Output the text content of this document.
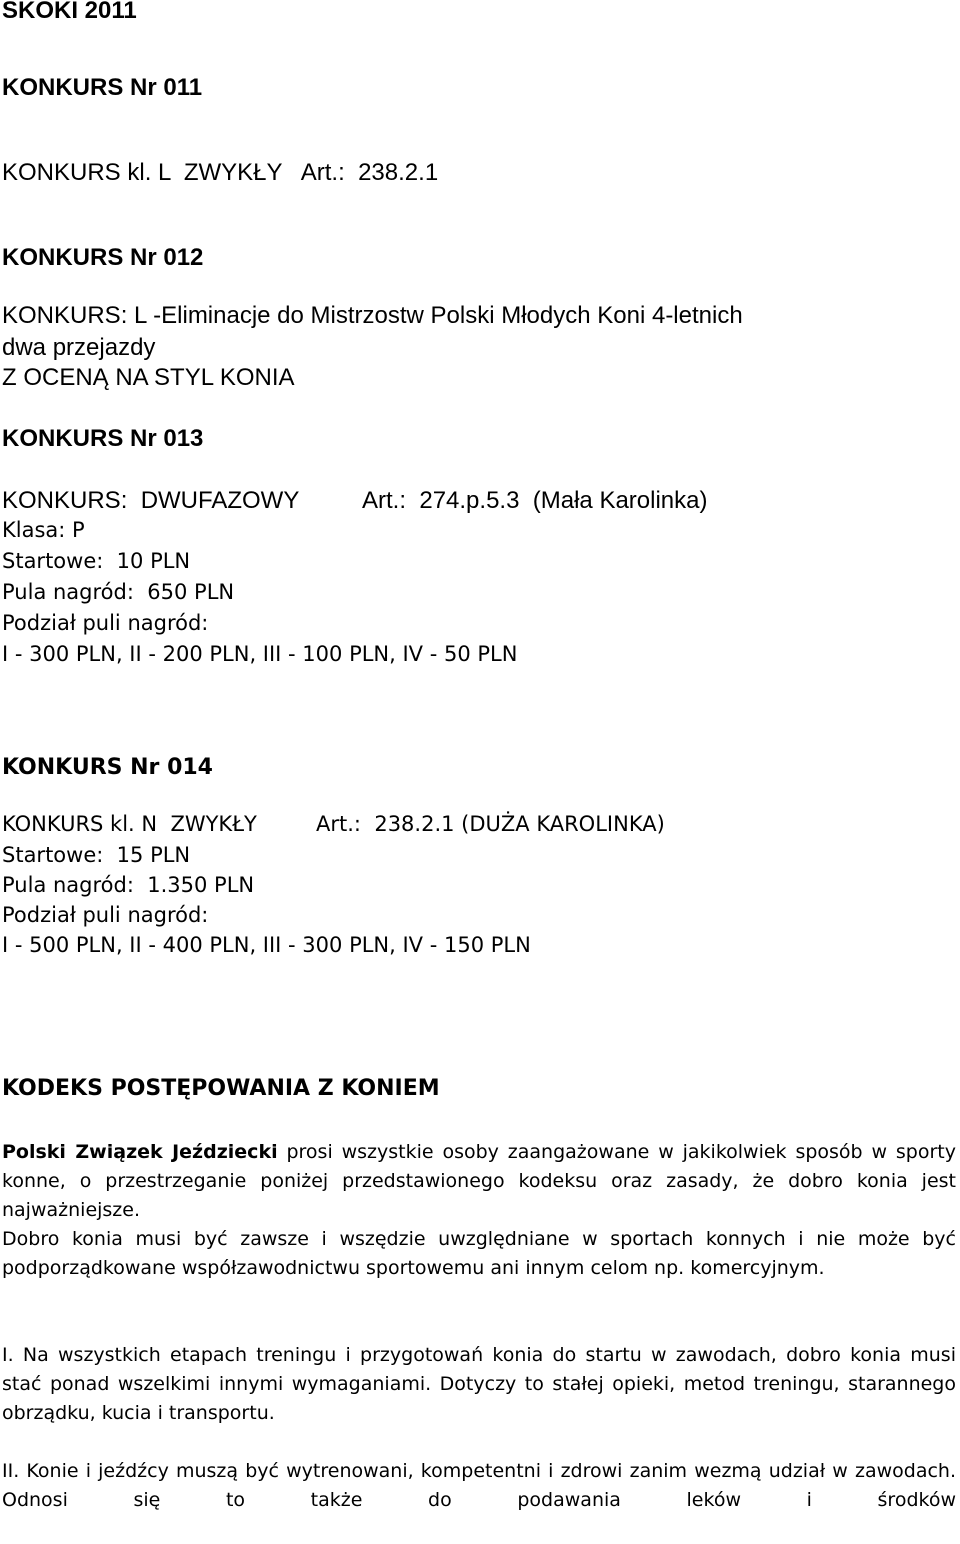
SKOKI 2011
KONKURS Nr 011
KONKURS kl. L  ZWYKŁY   Art.:  238.2.1
KONKURS Nr 012
KONKURS: L -Eliminacje do Mistrzostw Polski Młodych Koni 4-letnich
dwa przejazdy
Z OCENĄ NA STYL KONIA
KONKURS Nr 013
KONKURS:  DWUFAZOWY	Art.:  274.p.5.3  (Mała Karolinka)
Klasa: P
Startowe:  10 PLN
Pula nagród:  650 PLN
Podział puli nagród:
I - 300 PLN, II - 200 PLN, III - 100 PLN, IV - 50 PLN
KONKURS Nr 014
KONKURS kl. N  ZWYKŁY	Art.:  238.2.1 (DUŻA KAROLINKA)
Startowe:  15 PLN
Pula nagród:  1.350 PLN
Podział puli nagród:
I - 500 PLN, II - 400 PLN, III - 300 PLN, IV - 150 PLN
KODEKS POSTĘPOWANIA Z KONIEM

Polski Związek Jeździecki prosi wszystkie osoby zaangażowane w jakikolwiek sposób w sporty konne, o przestrzeganie poniżej przedstawionego kodeksu oraz zasady, że dobro konia jest najważniejsze.

Dobro konia musi być zawsze i wszędzie uwzględniane w sportach konnych i nie może być podporządkowane współzawodnictwu sportowemu ani innym celom np. komercyjnym.

I. Na wszystkich etapach treningu i przygotowań konia do startu w zawodach, dobro konia musi stać ponad wszelkimi innymi wymaganiami. Dotyczy to stałej opieki, metod treningu, starannego obrządku, kucia i transportu.

II. Konie i jeźdźcy muszą być wytrenowani, kompetentni i zdrowi zanim wezmą udział w zawodach. Odnosi się to także do podawania leków i środków
